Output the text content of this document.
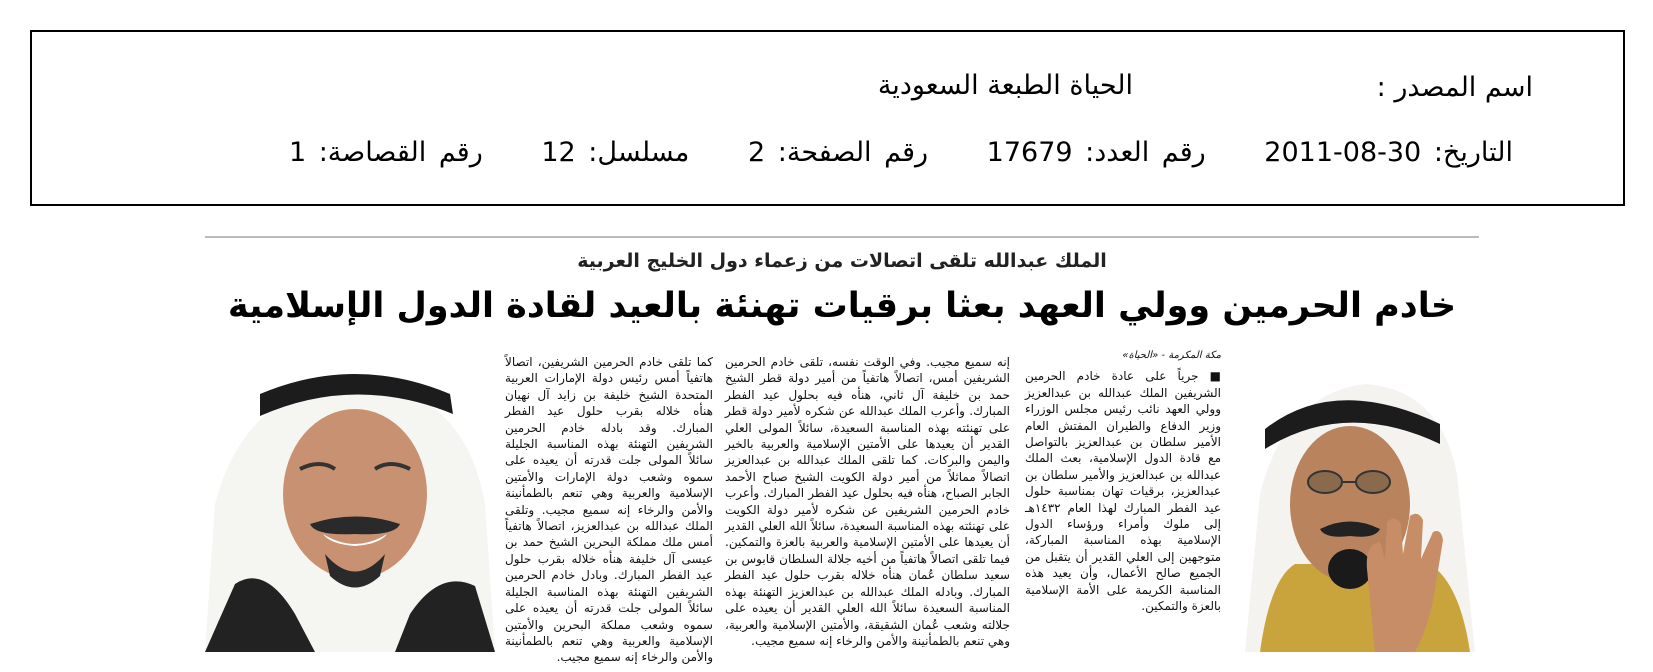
اسم المصدر :
الحياة الطبعة السعودية
التاريخ: 30-08-2011 رقم العدد: 17679 رقم الصفحة: 2 مسلسل: 12 رقم القصاصة: 1
الملك عبدالله تلقى اتصالات من زعماء دول الخليج العربية
خادم الحرمين وولي العهد بعثا برقيات تهنئة بالعيد لقادة الدول الإسلامية
مكة المكرمة - «الحياة»

■ جرياً على عادة خادم الحرمين الشريفين الملك عبدالله بن عبدالعزيز وولي العهد نائب رئيس مجلس الوزراء وزير الدفاع والطيران المفتش العام الأمير سلطان بن عبدالعزيز بالتواصل مع قادة الدول الإسلامية، بعث الملك عبدالله بن عبدالعزيز والأمير سلطان بن عبدالعزيز، برقيات تهان بمناسبة حلول عيد الفطر المبارك لهذا العام ١٤٣٢هـ إلى ملوك وأمراء ورؤساء الدول الإسلامية بهذه المناسبة المباركة، متوجهين إلى العلي القدير أن يتقبل من الجميع صالح الأعمال، وأن يعيد هذه المناسبة الكريمة على الأمة الإسلامية بالعزة والتمكين.

إنه سميع مجيب. وفي الوقت نفسه، تلقى خادم الحرمين الشريفين أمس، اتصالاً هاتفياً من أمير دولة قطر الشيخ حمد بن خليفة آل ثاني، هنأه فيه بحلول عيد الفطر المبارك. وأعرب الملك عبدالله عن شكره لأمير دولة قطر على تهنئته بهذه المناسبة السعيدة، سائلاً المولى العلي القدير أن يعيدها على الأمتين الإسلامية والعربية بالخير واليمن والبركات. كما تلقى الملك عبدالله بن عبدالعزيز اتصالاً مماثلاً من أمير دولة الكويت الشيخ صباح الأحمد الجابر الصباح، هنأه فيه بحلول عيد الفطر المبارك. وأعرب خادم الحرمين الشريفين عن شكره لأمير دولة الكويت على تهنئته بهذه المناسبة السعيدة، سائلاً الله العلي القدير أن يعيدها على الأمتين الإسلامية والعربية بالعزة والتمكين. فيما تلقى اتصالاً هاتفياً من أخيه جلالة السلطان قابوس بن سعيد سلطان عُمان هنأه خلاله بقرب حلول عيد الفطر المبارك. وبادله الملك عبدالله بن عبدالعزيز التهنئة بهذه المناسبة السعيدة سائلاً الله العلي القدير أن يعيده على جلالته وشعب عُمان الشقيقة، والأمتين الإسلامية والعربية، وهي تنعم بالطمأنينة والأمن والرخاء إنه سميع مجيب.

كما تلقى خادم الحرمين الشريفين، اتصالاً هاتفياً أمس رئيس دولة الإمارات العربية المتحدة الشيخ خليفة بن زايد آل نهيان هنأه خلاله بقرب حلول عيد الفطر المبارك. وقد بادله خادم الحرمين الشريفين التهنئة بهذه المناسبة الجليلة سائلاً المولى جلت قدرته أن يعيده على سموه وشعب دولة الإمارات والأمتين الإسلامية والعربية وهي تنعم بالطمأنينة والأمن والرخاء إنه سميع مجيب. وتلقى الملك عبدالله بن عبدالعزيز، اتصالاً هاتفياً أمس ملك مملكة البحرين الشيخ حمد بن عيسى آل خليفة هنأه خلاله بقرب حلول عيد الفطر المبارك. وبادل خادم الحرمين الشريفين التهنئة بهذه المناسبة الجليلة سائلاً المولى جلت قدرته أن يعيده على سموه وشعب مملكة البحرين والأمتين الإسلامية والعربية وهي تنعم بالطمأنينة والأمن والرخاء إنه سميع مجيب.
